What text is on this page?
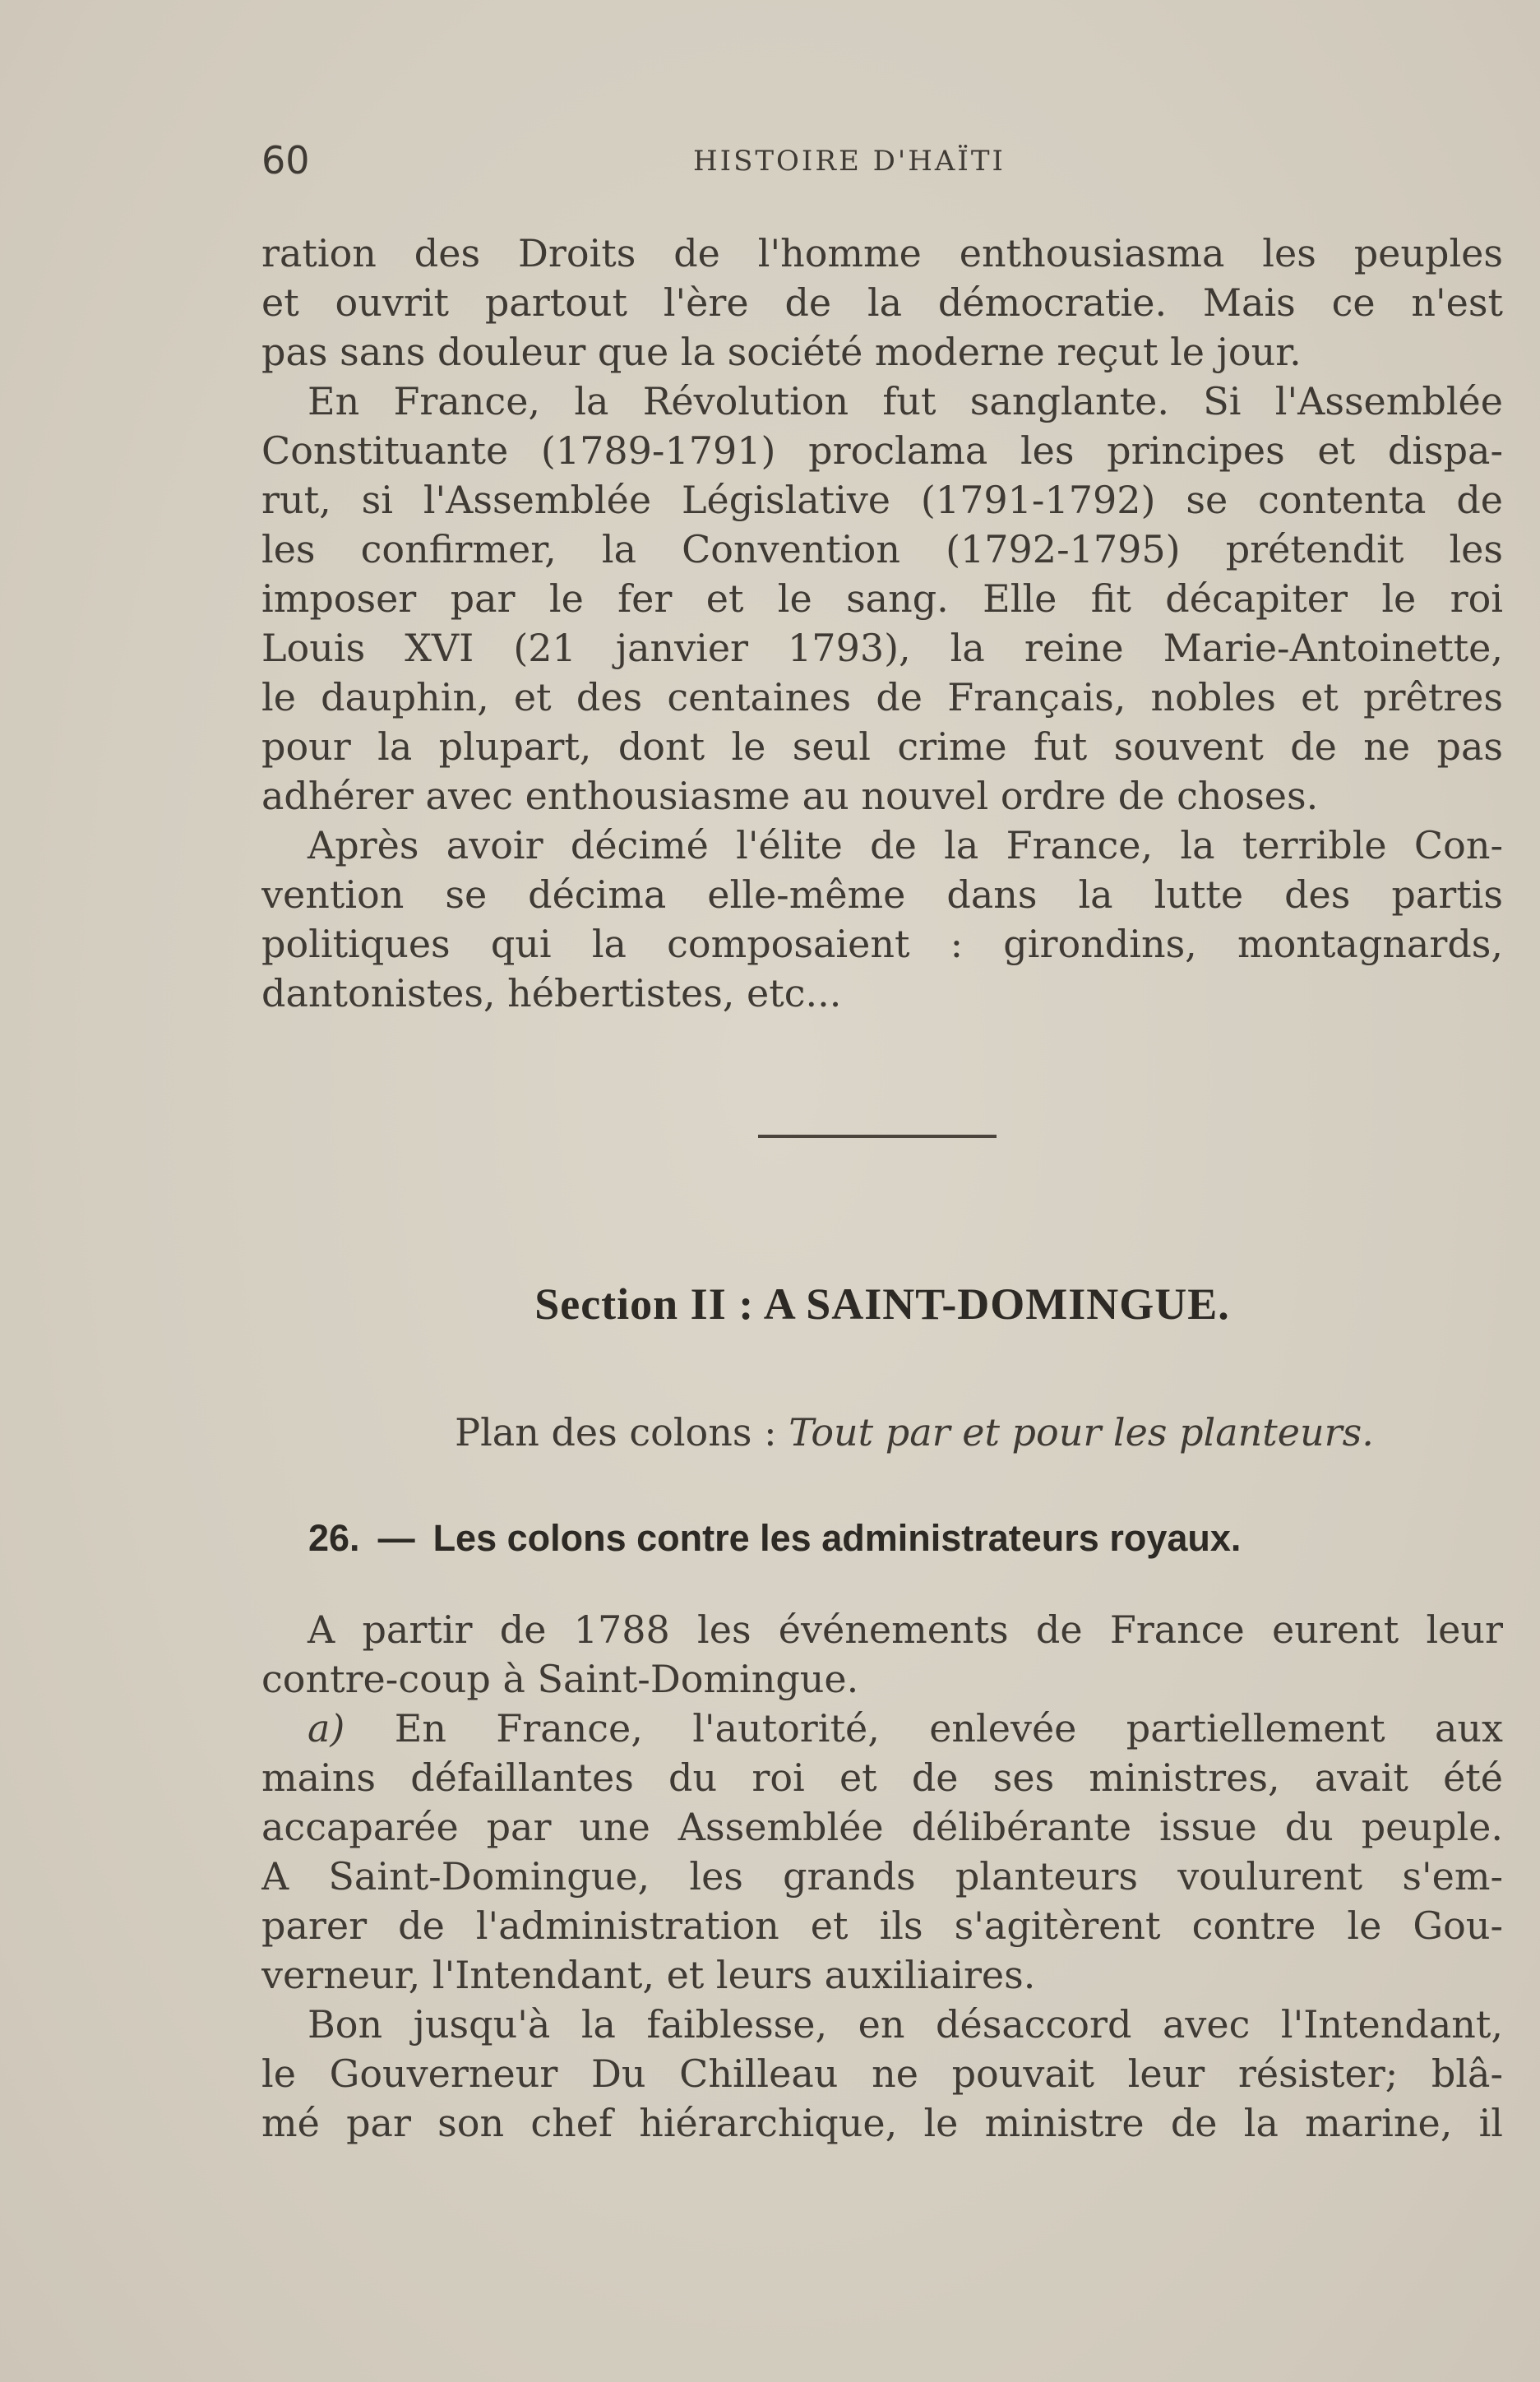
60	HISTOIRE D'HAÏTI
ration des Droits de l'homme enthousiasma les peuples
et ouvrit partout l'ère de la démocratie. Mais ce n'est
pas sans douleur que la société moderne reçut le jour.
En France, la Révolution fut sanglante. Si l'Assemblée
Constituante (1789-1791) proclama les principes et dispa-
rut, si l'Assemblée Législative (1791-1792) se contenta de
les confirmer, la Convention (1792-1795) prétendit les
imposer par le fer et le sang. Elle fit décapiter le roi
Louis XVI (21 janvier 1793), la reine Marie-Antoinette,
le dauphin, et des centaines de Français, nobles et prêtres
pour la plupart, dont le seul crime fut souvent de ne pas
adhérer avec enthousiasme au nouvel ordre de choses.
Après avoir décimé l'élite de la France, la terrible Con-
vention se décima elle-même dans la lutte des partis
politiques qui la composaient : girondins, montagnards,
dantonistes, hébertistes, etc...
Section II : A SAINT-DOMINGUE.
Plan des colons : Tout par et pour les planteurs.
26. — Les colons contre les administrateurs royaux.
A partir de 1788 les événements de France eurent leur
contre-coup à Saint-Domingue.
a) En France, l'autorité, enlevée partiellement aux
mains défaillantes du roi et de ses ministres, avait été
accaparée par une Assemblée délibérante issue du peuple.
A Saint-Domingue, les grands planteurs voulurent s'em-
parer de l'administration et ils s'agitèrent contre le Gou-
verneur, l'Intendant, et leurs auxiliaires.
Bon jusqu'à la faiblesse, en désaccord avec l'Intendant,
le Gouverneur Du Chilleau ne pouvait leur résister; blâ-
mé par son chef hiérarchique, le ministre de la marine, il
